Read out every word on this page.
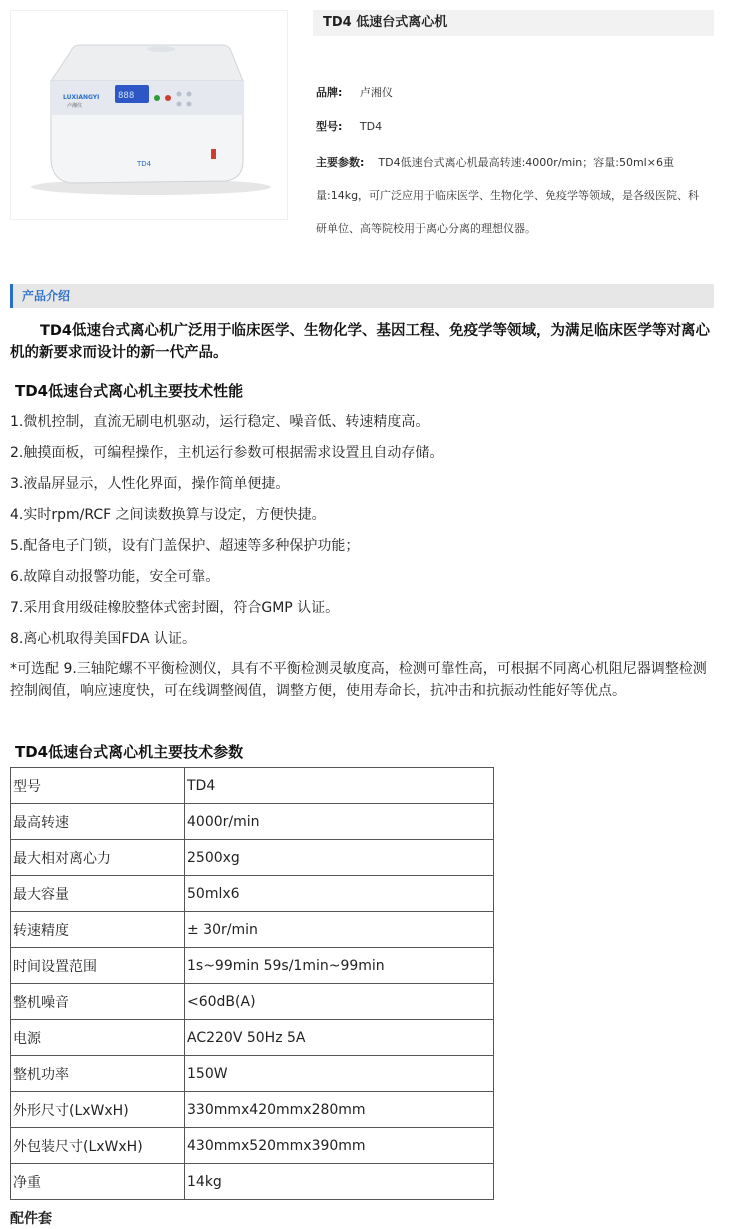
888
LUXIANGYI
卢湘仪
TD4
TD4 低速台式离心机
品牌: 卢湘仪
型号: TD4
主要参数: TD4低速台式离心机最高转速:4000r/min；容量:50ml×6重量:14kg，可广泛应用于临床医学、生物化学、免疫学等领域，是各级医院、科研单位、高等院校用于离心分离的理想仪器。
产品介绍
TD4低速台式离心机广泛用于临床医学、生物化学、基因工程、免疫学等领域，为满足临床医学等对离心机的新要求而设计的新一代产品。
TD4低速台式离心机主要技术性能
1.微机控制，直流无刷电机驱动，运行稳定、噪音低、转速精度高。
2.触摸面板，可编程操作，主机运行参数可根据需求设置且自动存储。
3.液晶屏显示，人性化界面，操作简单便捷。
4.实时rpm/RCF 之间读数换算与设定，方便快捷。
5.配备电子门锁，设有门盖保护、超速等多种保护功能；
6.故障自动报警功能，安全可靠。
7.采用食用级硅橡胶整体式密封圈，符合GMP 认证。
8.离心机取得美国FDA 认证。
*可选配 9.三轴陀螺不平衡检测仪，具有不平衡检测灵敏度高，检测可靠性高，可根据不同离心机阻尼器调整检测控制阀值，响应速度快，可在线调整阀值，调整方便，使用寿命长，抗冲击和抗振动性能好等优点。
TD4低速台式离心机主要技术参数
型号	TD4
最高转速	4000r/min
最大相对离心力	2500xg
最大容量	50mlx6
转速精度	± 30r/min
时间设置范围	1s~99min 59s/1min~99min
整机噪音	<60dB(A)
电源	AC220V 50Hz 5A
整机功率	150W
外形尺寸(LxWxH)	330mmx420mmx280mm
外包装尺寸(LxWxH)	430mmx520mmx390mm
净重	14kg
配件套
